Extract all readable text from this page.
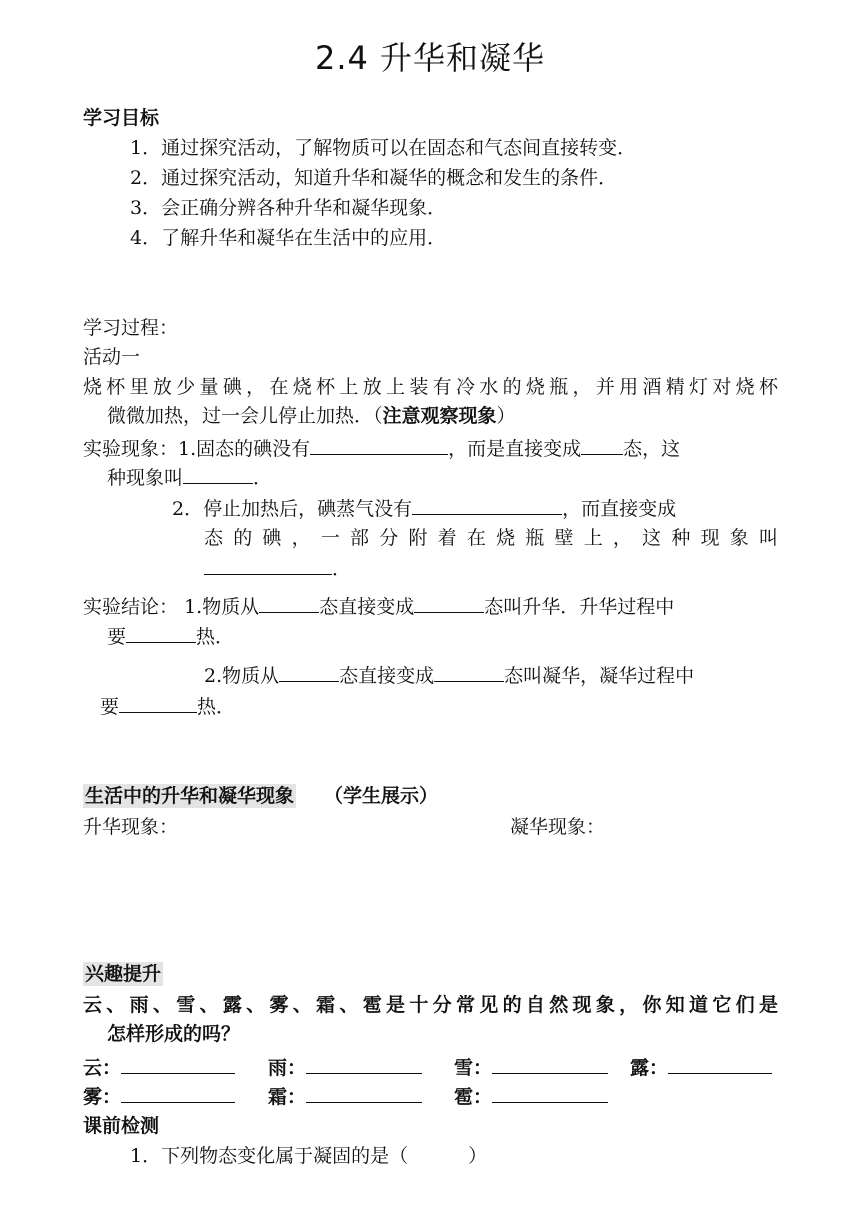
2.4 升华和凝华
学习目标
1．通过探究活动，了解物质可以在固态和气态间直接转变．
2．通过探究活动，知道升华和凝华的概念和发生的条件．
3．会正确分辨各种升华和凝华现象．
4．了解升华和凝华在生活中的应用．
学习过程：
活动一
烧杯里放少量碘，在烧杯上放上装有冷水的烧瓶，并用酒精灯对烧杯
微微加热，过一会儿停止加热．（注意观察现象）
实验现象：1.固态的碘没有	，而是直接变成 态，这
种现象叫	．
2．停止加热后，碘蒸气没有	，而直接变成
态的碘，一部分附着在烧瓶壁上，这种现象叫
．
实验结论： 1.物质从	态直接变成	态叫升华．升华过程中
要	热．
2.物质从	态直接变成	态叫凝华，凝华过程中
要	热．
生活中的升华和凝华现象 （学生展示）
升华现象：	凝华现象：
兴趣提升
云、雨、雪、露、雾、霜、雹是十分常见的自然现象，你知道它们是
怎样形成的吗？
云：	雨：	雪：	露：
雾：	霜：	雹：
课前检测
1．下列物态变化属于凝固的是（	）
